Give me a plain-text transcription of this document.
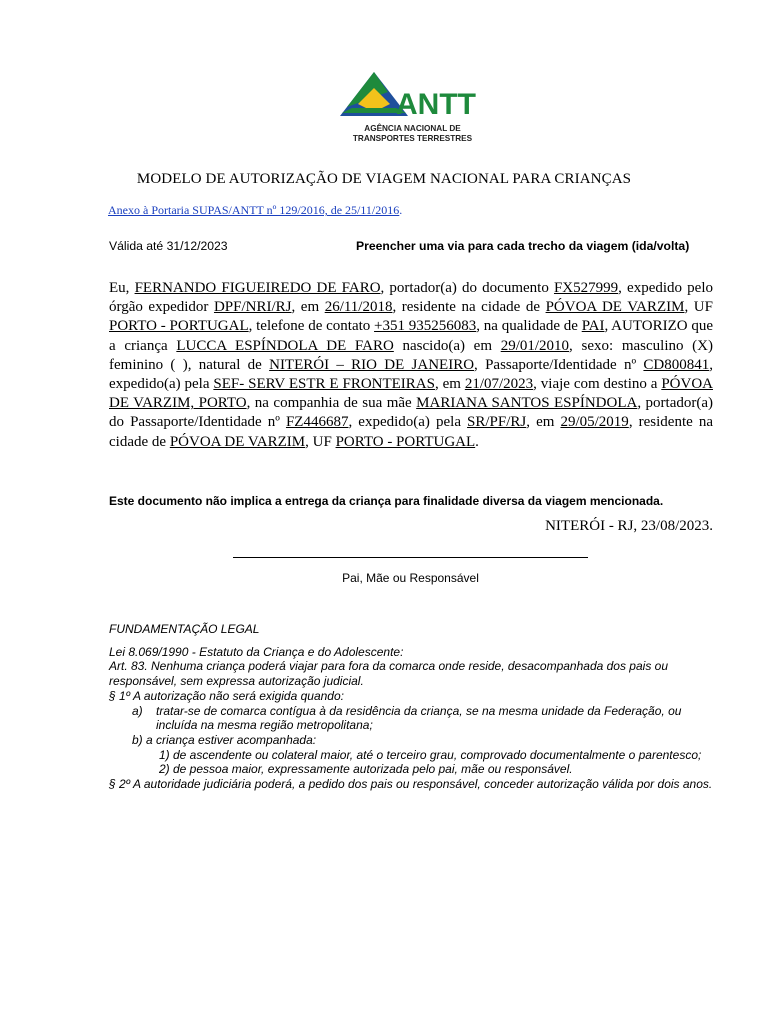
ANTT
AGÊNCIA NACIONAL DE
TRANSPORTES TERRESTRES
MODELO DE AUTORIZAÇÃO DE VIAGEM NACIONAL PARA CRIANÇAS
Anexo à Portaria SUPAS/ANTT nº 129/2016, de 25/11/2016.
Válida até 31/12/2023	Preencher uma via para cada trecho da viagem (ida/volta)
Eu, FERNANDO FIGUEIREDO DE FARO, portador(a) do documento FX527999, expedido pelo órgão expedidor DPF/NRI/RJ, em 26/11/2018, residente na cidade de PÓVOA DE VARZIM, UF PORTO - PORTUGAL, telefone de contato +351 935256083, na qualidade de PAI, AUTORIZO que a criança LUCCA ESPÍNDOLA DE FARO nascido(a) em 29/01/2010, sexo: masculino (X) feminino ( ), natural de NITERÓI – RIO DE JANEIRO, Passaporte/Identidade nº CD800841, expedido(a) pela SEF- SERV ESTR E FRONTEIRAS, em 21/07/2023, viaje com destino a PÓVOA DE VARZIM, PORTO, na companhia de sua mãe MARIANA SANTOS ESPÍNDOLA, portador(a) do Passaporte/Identidade nº FZ446687, expedido(a) pela SR/PF/RJ, em 29/05/2019, residente na cidade de PÓVOA DE VARZIM, UF PORTO - PORTUGAL.
Este documento não implica a entrega da criança para finalidade diversa da viagem mencionada.
NITERÓI - RJ, 23/08/2023.
Pai, Mãe ou Responsável
FUNDAMENTAÇÃO LEGAL
Lei 8.069/1990 - Estatuto da Criança e do Adolescente:
Art. 83. Nenhuma criança poderá viajar para fora da comarca onde reside, desacompanhada dos pais ou responsável, sem expressa autorização judicial.
§ 1º A autorização não será exigida quando:
a) tratar-se de comarca contígua à da residência da criança, se na mesma unidade da Federação, ou incluída na mesma região metropolitana;
b) a criança estiver acompanhada:
1) de ascendente ou colateral maior, até o terceiro grau, comprovado documentalmente o parentesco;
2) de pessoa maior, expressamente autorizada pelo pai, mãe ou responsável.
§ 2º A autoridade judiciária poderá, a pedido dos pais ou responsável, conceder autorização válida por dois anos.
